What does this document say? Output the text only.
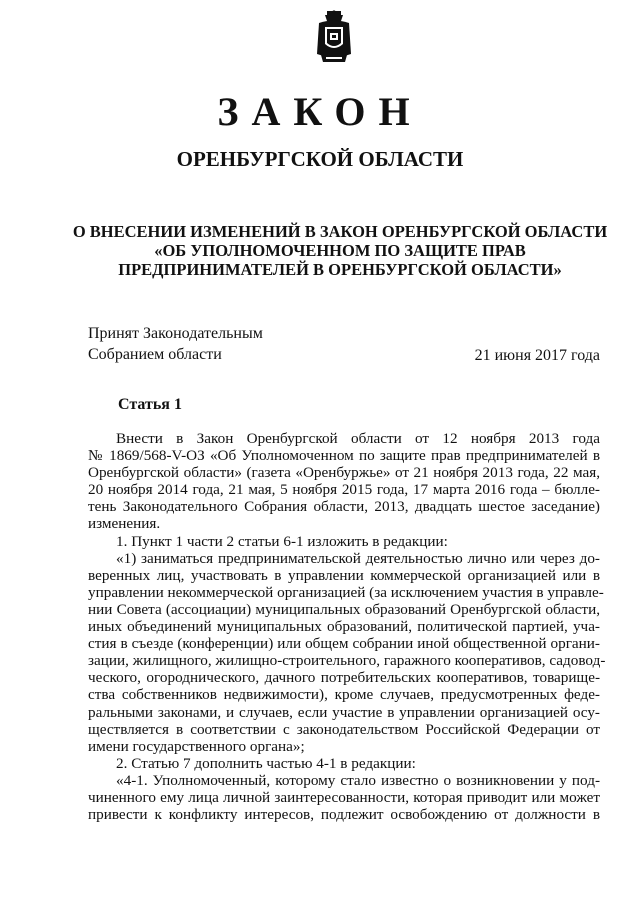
ЗАКОН
ОРЕНБУРГСКОЙ ОБЛАСТИ
О ВНЕСЕНИИ ИЗМЕНЕНИЙ В ЗАКОН ОРЕНБУРГСКОЙ ОБЛАСТИ
«ОБ УПОЛНОМОЧЕННОМ ПО ЗАЩИТЕ ПРАВ
ПРЕДПРИНИМАТЕЛЕЙ В ОРЕНБУРГСКОЙ ОБЛАСТИ»
Принят Законодательным
Собранием области	21 июня 2017 года
Статья 1
Внести в Закон Оренбургской области от 12 ноября 2013 года
№ 1869/568-V-ОЗ «Об Уполномоченном по защите прав предпринимателей в
Оренбургской области» (газета «Оренбуржье» от 21 ноября 2013 года, 22 мая,
20 ноября 2014 года, 21 мая, 5 ноября 2015 года, 17 марта 2016 года – бюлле-
тень Законодательного Собрания области, 2013, двадцать шестое заседание)
изменения.
1. Пункт 1 части 2 статьи 6-1 изложить в редакции:
«1) заниматься предпринимательской деятельностью лично или через до-
веренных лиц, участвовать в управлении коммерческой организацией или в
управлении некоммерческой организацией (за исключением участия в управле-
нии Совета (ассоциации) муниципальных образований Оренбургской области,
иных объединений муниципальных образований, политической партией, уча-
стия в съезде (конференции) или общем собрании иной общественной органи-
зации, жилищного, жилищно-строительного, гаражного кооперативов, садовод-
ческого, огороднического, дачного потребительских кооперативов, товарище-
ства собственников недвижимости), кроме случаев, предусмотренных феде-
ральными законами, и случаев, если участие в управлении организацией осу-
ществляется в соответствии с законодательством Российской Федерации от
имени государственного органа»;
2. Статью 7 дополнить частью 4-1 в редакции:
«4-1. Уполномоченный, которому стало известно о возникновении у под-
чиненного ему лица личной заинтересованности, которая приводит или может
привести к конфликту интересов, подлежит освобождению от должности в
